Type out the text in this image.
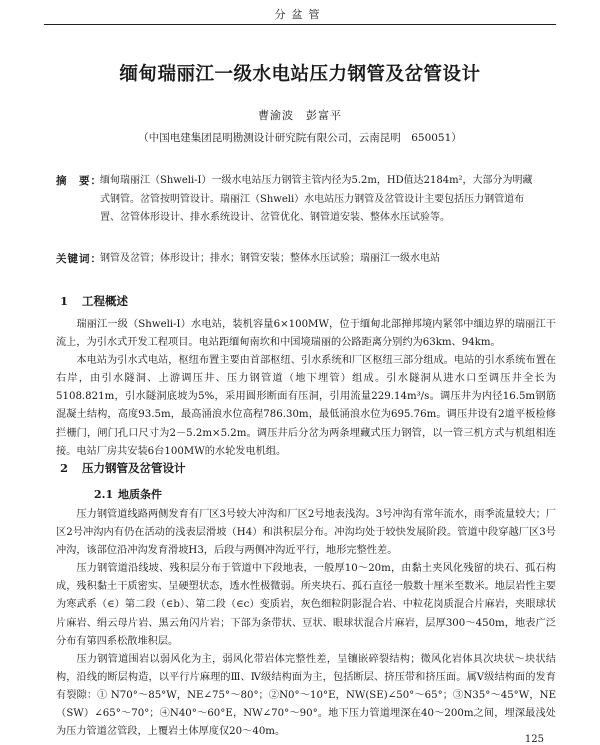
分盆管
缅甸瑞丽江一级水电站压力钢管及岔管设计
曹渝波　彭富平
（中国电建集团昆明勘测设计研究院有限公司，云南昆明　650051）
摘　要：

缅甸瑞丽江（Shweli-I）一级水电站压力钢管主管内径为5.2m，HD值达2184m²，大部分为明藏式钢管。岔管按明管设计。瑞丽江（Shweli）水电站压力钢管及岔管设计主要包括压力钢管道布置、岔管体形设计、排水系统设计、岔管优化、钢管道安装、整体水压试验等。

关键词：

钢管及岔管；体形设计；排水；钢管安装；整体水压试验；瑞丽江一级水电站

1 工程概述

瑞丽江一级（Shweli-I）水电站，装机容量6×100MW，位于缅甸北部掸邦境内紧邻中缅边界的瑞丽江干流上，为引水式开发工程项目。电站距缅甸南坎和中国境瑞丽的公路距离分别约为63km、94km。

本电站为引水式电站，枢纽布置主要由首部枢纽、引水系统和厂区枢纽三部分组成。电站的引水系统布置在右岸，由引水隧洞、上游调压井、压力钢管道（地下埋管）组成。引水隧洞从进水口至调压井全长为5108.821m，引水隧洞底坡为5%，采用圆形断面有压洞，引用流量229.14m³/s。调压井为内径16.5m钢筋混凝土结构，高度93.5m，最高涌浪水位高程786.30m，最低涌浪水位为695.76m。调压井设有2道平板检修拦栅门，闸门孔口尺寸为2－5.2m×5.2m。调压井后分岔为两条埋藏式压力钢管，以一管三机方式与机组相连接。电站厂房共安装6台100MW的水轮发电机组。

2 压力钢管及岔管设计
2.1 地质条件

压力钢管道线路两侧发育有厂区3号较大冲沟和厂区2号地表浅沟。3号冲沟有常年流水，雨季流量较大；厂区2号冲沟内有仍在活动的浅表层滑坡（H4）和洪积层分布。冲沟均处于较快发展阶段。管道中段穿越厂区3号冲沟，该部位沿冲沟发育滑坡H3，后段与两侧冲沟近平行，地形完整性差。

压力钢管道沿线坡、残积层分布于管道中下段地表，一般厚10～20m，由黏土夹风化残留的块石、孤石构成，残积黏土干质密实、呈硬塑状态，透水性极微弱。所夹块石、孤石直径一般数十厘米至数米。地层岩性主要为寒武系（∈）第二段（∈b）、第二段（∈c）变质岩，灰色细粒阴影混合岩、中粒花岗质混合片麻岩，夹眼球状片麻岩、绢云母片岩、黑云角闪片岩；下部为条带状、豆状、眼球状混合片麻岩，层厚300～450m，地表广泛分布有第四系松散堆积层。

压力钢管道围岩以弱风化为主，弱风化带岩体完整性差，呈镶嵌碎裂结构；微风化岩体具次块状～块状结构，沿线的断层构造，以平行片麻理的Ⅲ、Ⅳ级结构面为主，包括断层、挤压带和挤压面。属Ⅴ级结构面的发育有裂隙：① N70°～85°W，NE∠75°～80°；②N0°～10°E，NW(SE)∠50°～65°；③N35°～45°W，NE（SW）∠65°～70°；④N40°～60°E，NW∠70°～90°。地下压力管道埋深在40～200m之间，埋深最浅处为压力管道岔管段，上覆岩土体厚度仅20～40m。

125
